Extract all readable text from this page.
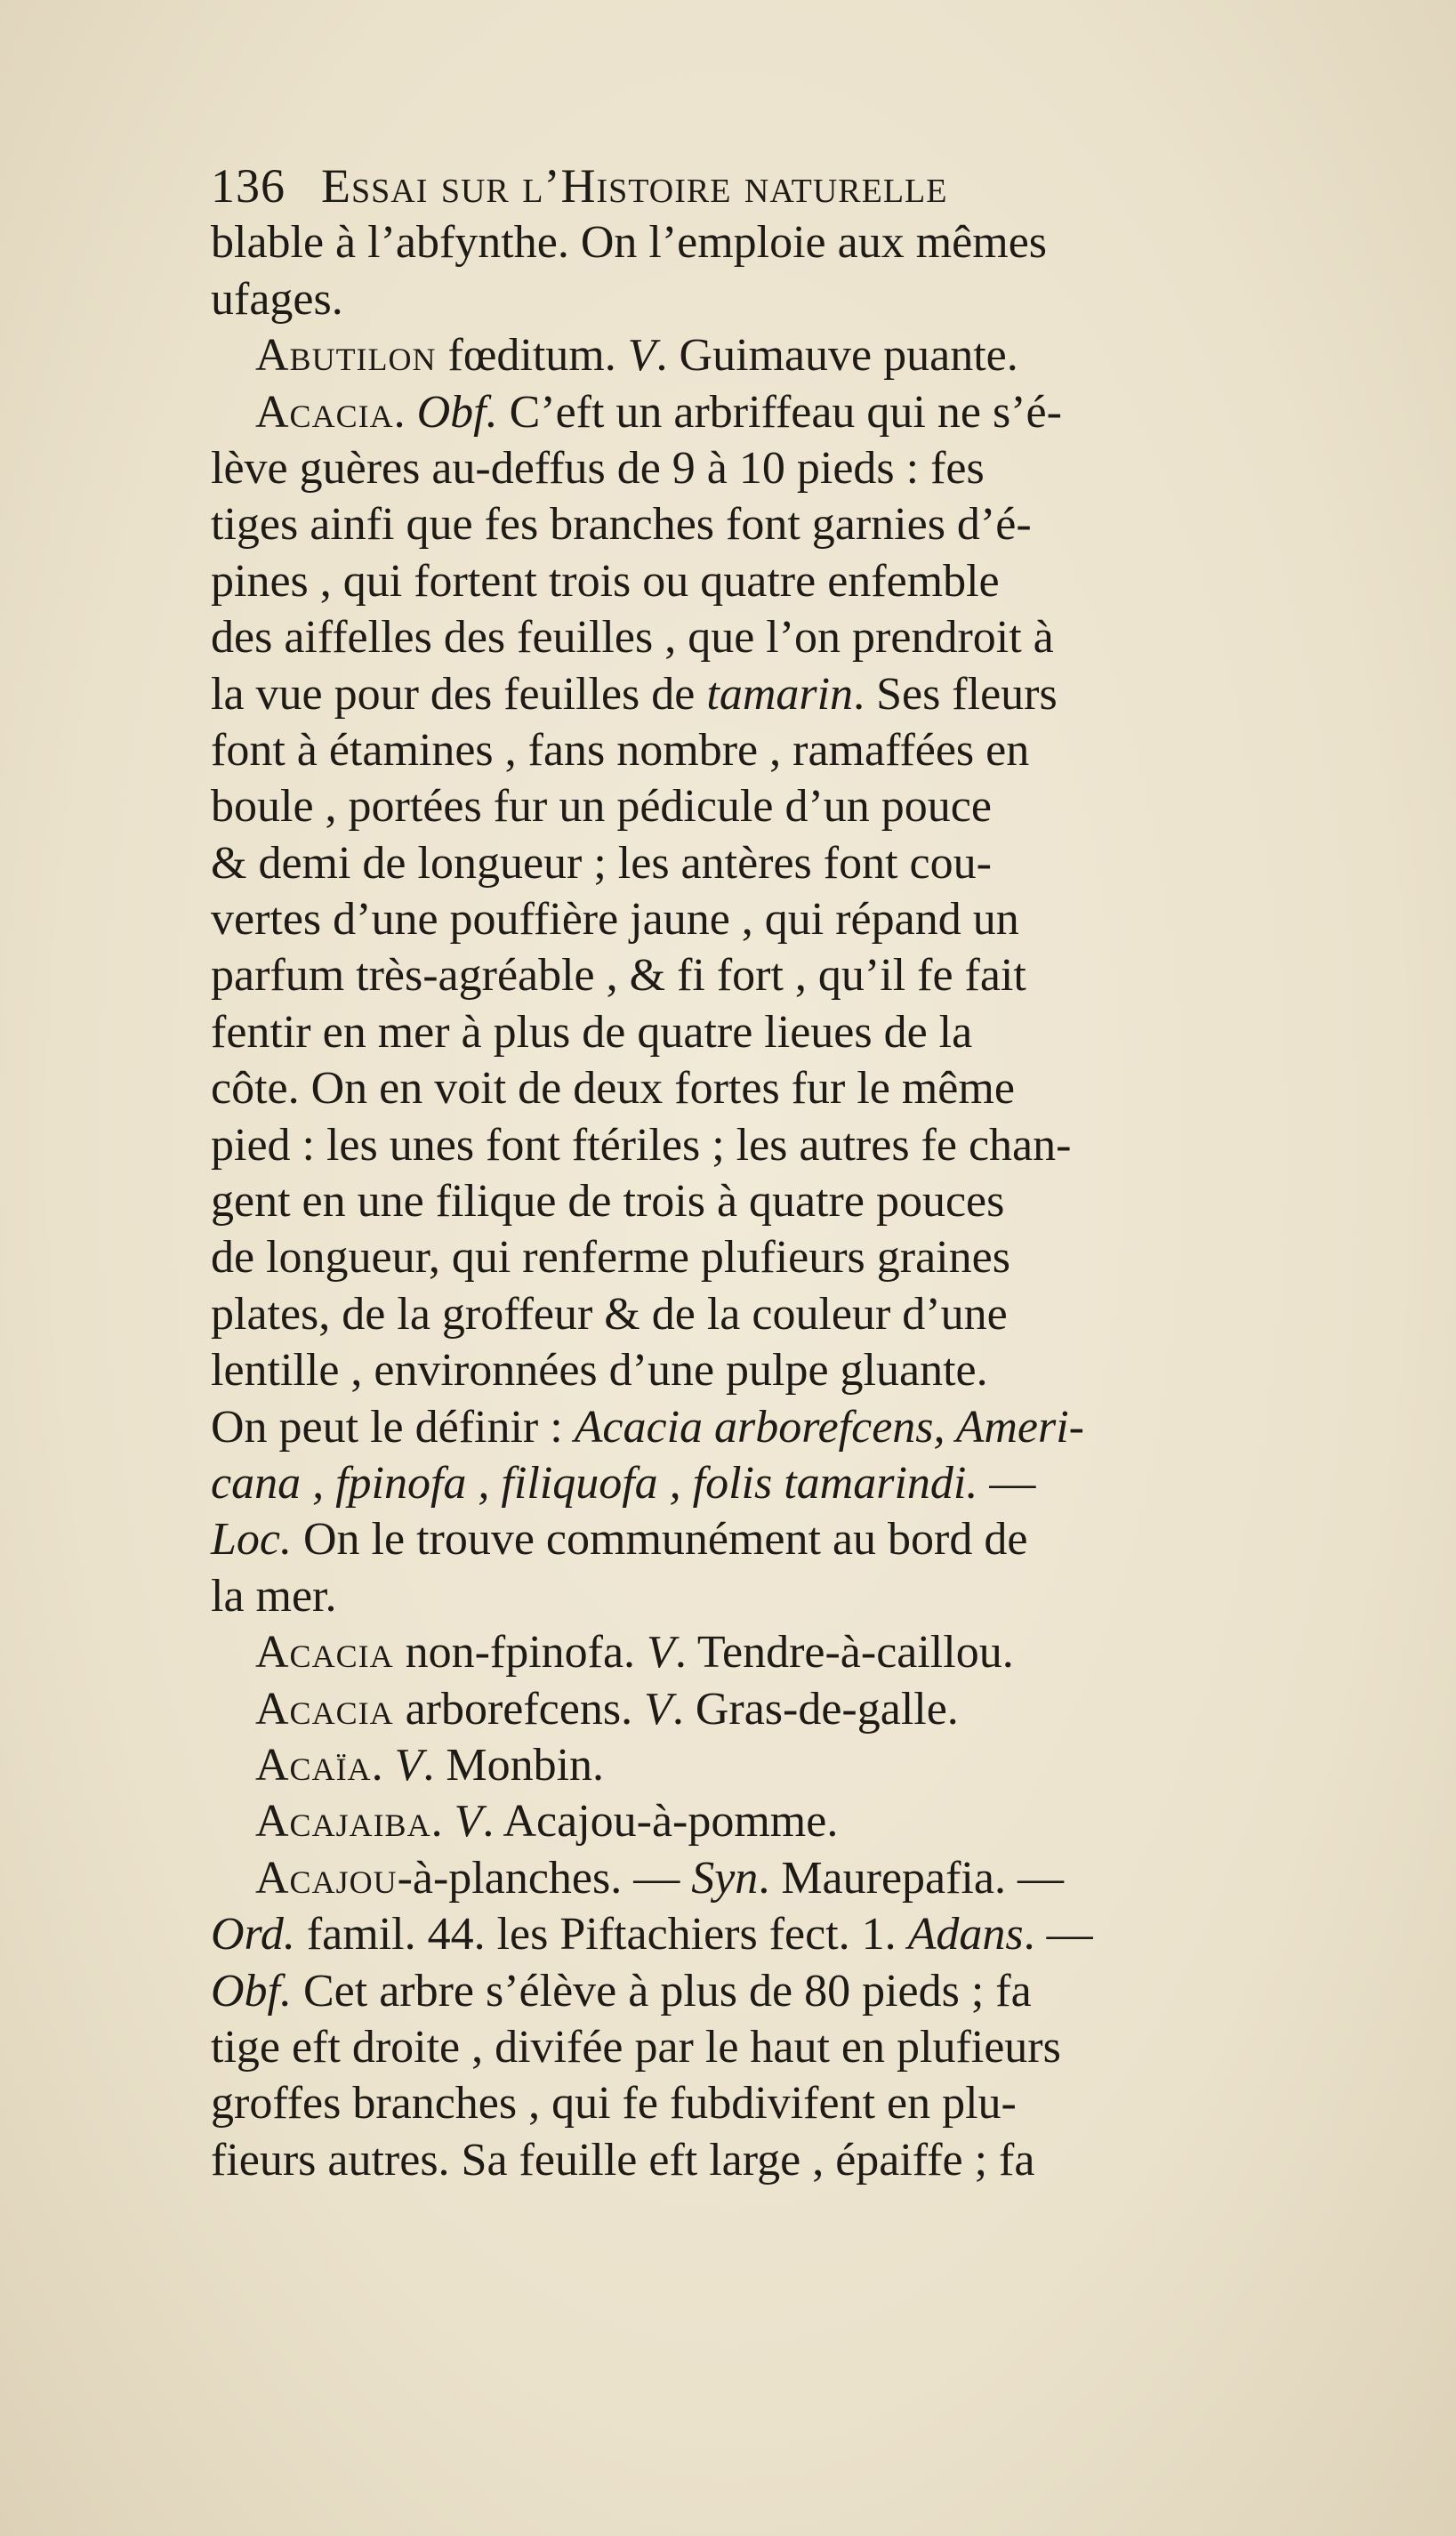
136 Essai sur l’Histoire naturelle
blable à l’abfynthe. On l’emploie aux mêmes
ufages.
Abutilon fœditum. V. Guimauve puante.
Acacia. Obf. C’eft un arbriffeau qui ne s’é-
lève guères au-deffus de 9 à 10 pieds : fes
tiges ainfi que fes branches font garnies d’é-
pines , qui fortent trois ou quatre enfemble
des aiffelles des feuilles , que l’on prendroit à
la vue pour des feuilles de tamarin. Ses fleurs
font à étamines , fans nombre , ramaffées en
boule , portées fur un pédicule d’un pouce
& demi de longueur ; les antères font cou-
vertes d’une pouffière jaune , qui répand un
parfum très-agréable , & fi fort , qu’il fe fait
fentir en mer à plus de quatre lieues de la
côte. On en voit de deux fortes fur le même
pied : les unes font ftériles ; les autres fe chan-
gent en une filique de trois à quatre pouces
de longueur, qui renferme plufieurs graines
plates, de la groffeur & de la couleur d’une
lentille , environnées d’une pulpe gluante.
On peut le définir : Acacia arborefcens, Ameri-
cana , fpinofa , filiquofa , folis tamarindi. —
Loc. On le trouve communément au bord de
la mer.
Acacia non-fpinofa. V. Tendre-à-caillou.
Acacia arborefcens. V. Gras-de-galle.
Acaïa. V. Monbin.
Acajaiba. V. Acajou-à-pomme.
Acajou-à-planches. — Syn. Maurepafia. —
Ord. famil. 44. les Piftachiers fect. 1. Adans. —
Obf. Cet arbre s’élève à plus de 80 pieds ; fa
tige eft droite , divifée par le haut en plufieurs
groffes branches , qui fe fubdivifent en plu-
fieurs autres. Sa feuille eft large , épaiffe ; fa
